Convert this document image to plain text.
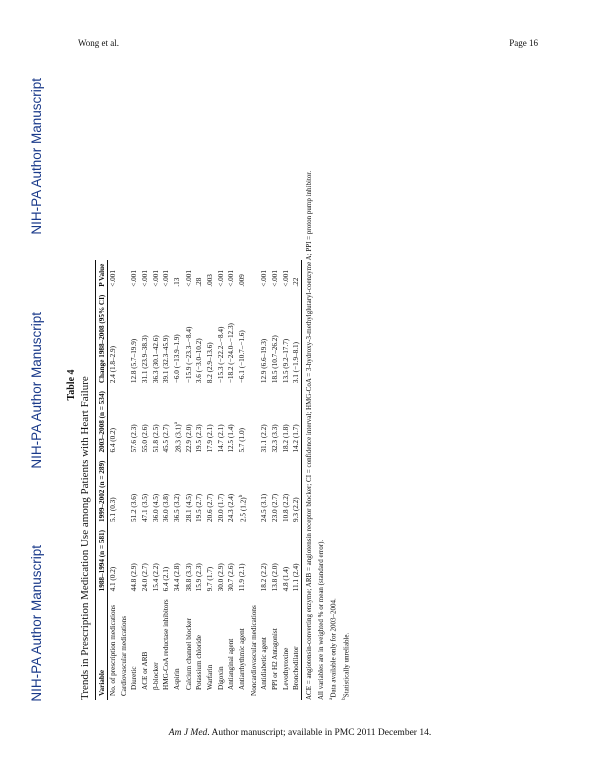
Wong et al.	Page 16
NIH-PA Author Manuscript
NIH-PA Author Manuscript
NIH-PA Author Manuscript
Table 4 Trends in Prescription Medication Use among Patients with Heart Failure Variable	1988–1994 (n = 581)	1999–2002 (n = 289)	2003–2008 (n = 534)	Change 1988–2008 (95% CI)	P Value
No. of prescription medications	4.1 (0.2)	5.1 (0.3)	6.4 (0.2)	2.4 (1.8–2.9)	<.001
Cardiovascular medications					
Diuretic	44.8 (2.9)	51.2 (3.6)	57.6 (2.3)	12.8 (5.7–19.9)	<.001
ACE or ARB	24.0 (2.7)	47.1 (3.5)	55.0 (2.6)	31.1 (23.9–38.3)	<.001
β-blocker	15.4 (2.2)	36.0 (4.5)	51.8 (2.5)	36.3 (30.1–42.6)	<.001
HMG-CoA reductase inhibitors	6.4 (2.1)	36.0 (3.8)	45.5 (2.7)	39.1 (32.3–45.9)	<.001
Aspirin	34.4 (2.8)	36.5 (3.2)	28.3 $(3.1)^a$	−6.0 (−13.9–1.9)	.13
Calcium channel blocker	38.8 (3.3)	28.1 (4.5)	22.9 (2.0)	−15.9 (−23.3–−8.4)	<.001
Potassium chloride	15.9 (2.3)	19.5 (2.7)	19.5 (2.3)	3.6 (−3.0–10.2)	.28
Warfarin	9.7 (1.7)	20.6 (2.7)	17.9 (2.1)	8.2 (2.9–13.6)	.003
Digoxin	30.0 (2.9)	20.0 (1.7)	14.7 (2.1)	−15.3 (−22.2–−8.4)	<.001
Antianginal agent	30.7 (2.6)	24.3 (2.4)	12.5 (1.4)	−18.2 (−24.0–−12.3)	<.001
Antiarrhythmic agent	11.9 (2.1)	2.5 $(1.2)^b$	5.7 (1.0)	−6.1 (−10.7–−1.6)	.009
Noncardiovascular medications					
Antidiabetic agent	18.2 (2.2)	24.5 (3.1)	31.1 (2.2)	12.9 (6.6–19.3)	<.001
PPI or H2 Antagonist	13.8 (2.0)	23.0 (2.7)	32.3 (3.3)	18.5 (10.7–26.2)	<.001
Levothyroxine	4.8 (1.4)	10.8 (2.2)	18.2 (1.8)	13.5 (9.2–17.7)	<.001
Bronchodilator	11.1 (2.4)	9.3 (2.2)	14.2 (1.7)	3.1 (−1.9–8.1)	.22 ACE = angiotensin-converting enzyme; ARB = angiotensin receptor blocker; CI = confidence interval; HMG-CoA = 3-hydroxy-3-methylglutaryl-coenzyme A; PPI = proton pump inhibitor. All variables are in weighted % or mean (standard error). $^a$Data available only for 2003–2004.

$^b$Statistically unreliable.

Am J Med. Author manuscript; available in PMC 2011 December 14.
